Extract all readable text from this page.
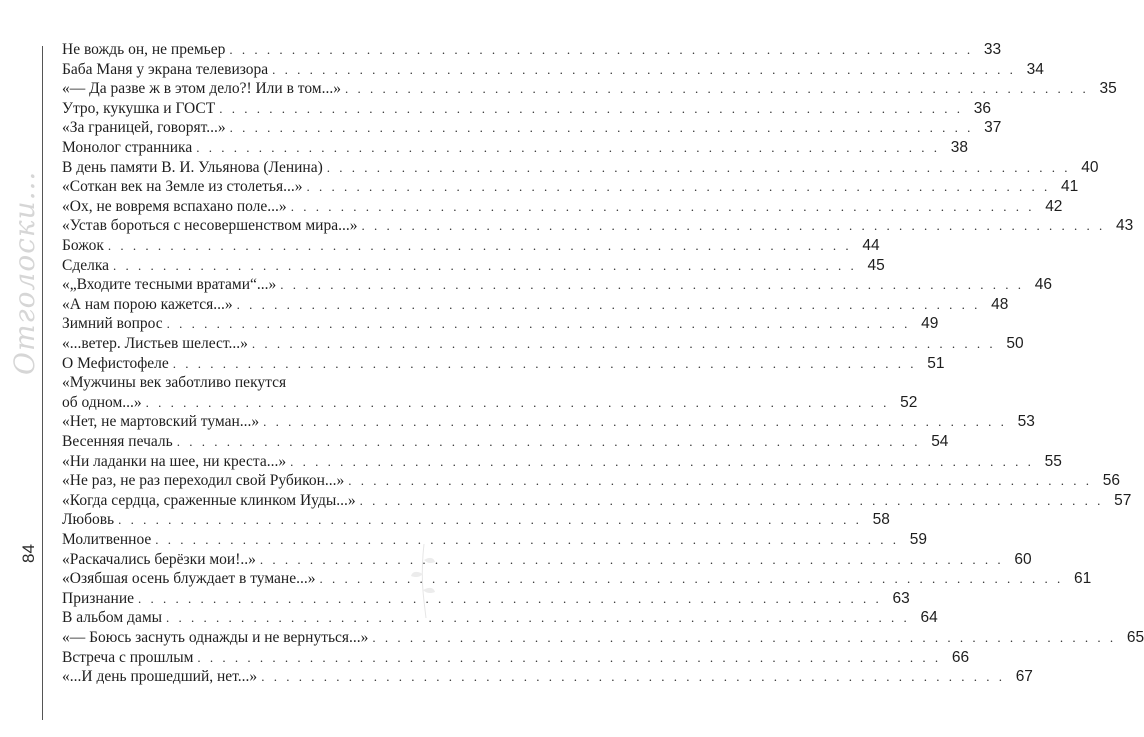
Отголоски...
84
Не вождь он, не премьер . . . . . . . . . . . . . . . . . . . . . . . . . . . . . . . . . . . . . . . . . . . . . . . . . . . . . . . . . . . . 33
Баба Маня у экрана телевизора . . . . . . . . . . . . . . . . . . . . . . . . . . . . . . . . . . . . . . . . . . . . . . . . . . . . . . . . . . . . 34
«— Да разве ж в этом дело?! Или в том...» . . . . . . . . . . . . . . . . . . . . . . . . . . . . . . . . . . . . . . . . . . . . . . . . . . . . . . . . . . . . 35
Утро, кукушка и ГОСТ . . . . . . . . . . . . . . . . . . . . . . . . . . . . . . . . . . . . . . . . . . . . . . . . . . . . . . . . . . . . 36
«За границей, говорят...» . . . . . . . . . . . . . . . . . . . . . . . . . . . . . . . . . . . . . . . . . . . . . . . . . . . . . . . . . . . . 37
Монолог странника . . . . . . . . . . . . . . . . . . . . . . . . . . . . . . . . . . . . . . . . . . . . . . . . . . . . . . . . . . . . 38
В день памяти В. И. Ульянова (Ленина) . . . . . . . . . . . . . . . . . . . . . . . . . . . . . . . . . . . . . . . . . . . . . . . . . . . . . . . . . . . . 40
«Соткан век на Земле из столетья...» . . . . . . . . . . . . . . . . . . . . . . . . . . . . . . . . . . . . . . . . . . . . . . . . . . . . . . . . . . . . 41
«Ох, не вовремя вспахано поле...» . . . . . . . . . . . . . . . . . . . . . . . . . . . . . . . . . . . . . . . . . . . . . . . . . . . . . . . . . . . . 42
«Устав бороться с несовершенством мира...» . . . . . . . . . . . . . . . . . . . . . . . . . . . . . . . . . . . . . . . . . . . . . . . . . . . . . . . . . . . . 43
Божок . . . . . . . . . . . . . . . . . . . . . . . . . . . . . . . . . . . . . . . . . . . . . . . . . . . . . . . . . . . . 44
Сделка . . . . . . . . . . . . . . . . . . . . . . . . . . . . . . . . . . . . . . . . . . . . . . . . . . . . . . . . . . . . 45
«„Входите тесными вратами“...» . . . . . . . . . . . . . . . . . . . . . . . . . . . . . . . . . . . . . . . . . . . . . . . . . . . . . . . . . . . . 46
«А нам порою кажется...» . . . . . . . . . . . . . . . . . . . . . . . . . . . . . . . . . . . . . . . . . . . . . . . . . . . . . . . . . . . . 48
Зимний вопрос . . . . . . . . . . . . . . . . . . . . . . . . . . . . . . . . . . . . . . . . . . . . . . . . . . . . . . . . . . . . 49
«...ветер. Листьев шелест...» . . . . . . . . . . . . . . . . . . . . . . . . . . . . . . . . . . . . . . . . . . . . . . . . . . . . . . . . . . . . 50
О Мефистофеле . . . . . . . . . . . . . . . . . . . . . . . . . . . . . . . . . . . . . . . . . . . . . . . . . . . . . . . . . . . . 51
«Мужчины век заботливо пекутся
об одном...» . . . . . . . . . . . . . . . . . . . . . . . . . . . . . . . . . . . . . . . . . . . . . . . . . . . . . . . . . . . . 52
«Нет, не мартовский туман...» . . . . . . . . . . . . . . . . . . . . . . . . . . . . . . . . . . . . . . . . . . . . . . . . . . . . . . . . . . . . 53
Весенняя печаль . . . . . . . . . . . . . . . . . . . . . . . . . . . . . . . . . . . . . . . . . . . . . . . . . . . . . . . . . . . . 54
«Ни ладанки на шее, ни креста...» . . . . . . . . . . . . . . . . . . . . . . . . . . . . . . . . . . . . . . . . . . . . . . . . . . . . . . . . . . . . 55
«Не раз, не раз переходил свой Рубикон...» . . . . . . . . . . . . . . . . . . . . . . . . . . . . . . . . . . . . . . . . . . . . . . . . . . . . . . . . . . . . 56
«Когда сердца, сраженные клинком Иуды...» . . . . . . . . . . . . . . . . . . . . . . . . . . . . . . . . . . . . . . . . . . . . . . . . . . . . . . . . . . . . 57
Любовь . . . . . . . . . . . . . . . . . . . . . . . . . . . . . . . . . . . . . . . . . . . . . . . . . . . . . . . . . . . . 58
Молитвенное . . . . . . . . . . . . . . . . . . . . . . . . . . . . . . . . . . . . . . . . . . . . . . . . . . . . . . . . . . . . 59
«Раскачались берёзки мои!..» . . . . . . . . . . . . . . . . . . . . . . . . . . . . . . . . . . . . . . . . . . . . . . . . . . . . . . . . . . . . 60
«Озябшая осень блуждает в тумане...» . . . . . . . . . . . . . . . . . . . . . . . . . . . . . . . . . . . . . . . . . . . . . . . . . . . . . . . . . . . . 61
Признание . . . . . . . . . . . . . . . . . . . . . . . . . . . . . . . . . . . . . . . . . . . . . . . . . . . . . . . . . . . . 63
В альбом дамы . . . . . . . . . . . . . . . . . . . . . . . . . . . . . . . . . . . . . . . . . . . . . . . . . . . . . . . . . . . . 64
«— Боюсь заснуть однажды и не вернуться...» . . . . . . . . . . . . . . . . . . . . . . . . . . . . . . . . . . . . . . . . . . . . . . . . . . . . . . . . . . . . 65
Встреча с прошлым . . . . . . . . . . . . . . . . . . . . . . . . . . . . . . . . . . . . . . . . . . . . . . . . . . . . . . . . . . . . 66
«...И день прошедший, нет...» . . . . . . . . . . . . . . . . . . . . . . . . . . . . . . . . . . . . . . . . . . . . . . . . . . . . . . . . . . . . 67
